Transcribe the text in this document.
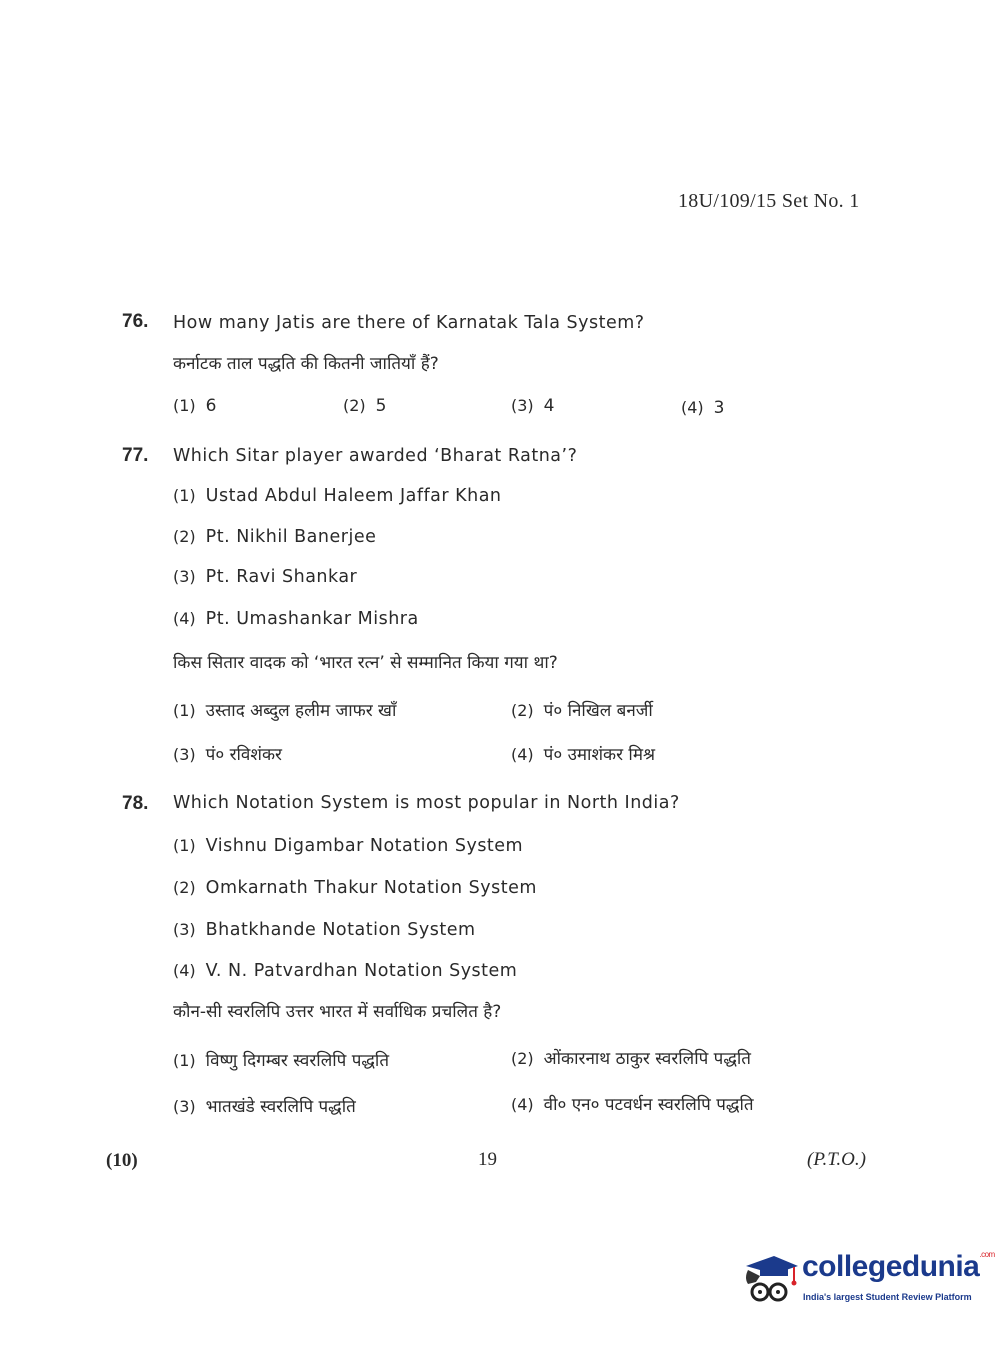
18U/109/15 Set No. 1
76. How many Jatis are there of Karnatak Tala System?
कर्नाटक ताल पद्धति की कितनी जातियाँ हैं?
(1) 6	(2) 5	(3) 4	(4) 3
77. Which Sitar player awarded ‘Bharat Ratna’?
(1) Ustad Abdul Haleem Jaffar Khan
(2) Pt. Nikhil Banerjee
(3) Pt. Ravi Shankar
(4) Pt. Umashankar Mishra
किस सितार वादक को ‘भारत रत्न’ से सम्मानित किया गया था?
(1) उस्ताद अब्दुल हलीम जाफर खाँ	(2) पं० निखिल बनर्जी
(3) पं० रविशंकर	(4) पं० उमाशंकर मिश्र
78. Which Notation System is most popular in North India?
(1) Vishnu Digambar Notation System
(2) Omkarnath Thakur Notation System
(3) Bhatkhande Notation System
(4) V. N. Patvardhan Notation System
कौन-सी स्वरलिपि उत्तर भारत में सर्वाधिक प्रचलित है?
(1) विष्णु दिगम्बर स्वरलिपि पद्धति	(2) ओंकारनाथ ठाकुर स्वरलिपि पद्धति
(3) भातखंडे स्वरलिपि पद्धति	(4) वी० एन० पटवर्धन स्वरलिपि पद्धति
(10)	19	(P.T.O.)
collegedunia$^{.com}$
India's largest Student Review Platform
